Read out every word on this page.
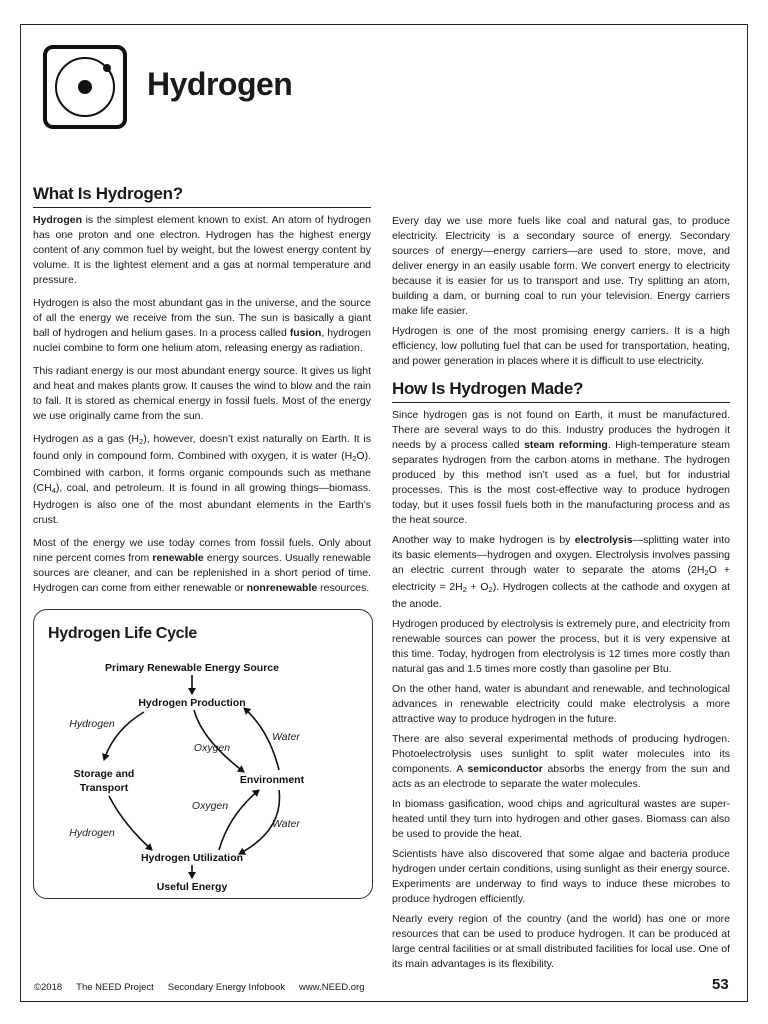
Hydrogen
What Is Hydrogen?

Hydrogen is the simplest element known to exist. An atom of hydrogen has one proton and one electron. Hydrogen has the highest energy content of any common fuel by weight, but the lowest energy content by volume. It is the lightest element and a gas at normal temperature and pressure.

Hydrogen is also the most abundant gas in the universe, and the source of all the energy we receive from the sun. The sun is basically a giant ball of hydrogen and helium gases. In a process called fusion, hydrogen nuclei combine to form one helium atom, releasing energy as radiation.

This radiant energy is our most abundant energy source. It gives us light and heat and makes plants grow. It causes the wind to blow and the rain to fall. It is stored as chemical energy in fossil fuels. Most of the energy we use originally came from the sun.

Hydrogen as a gas $(H_2)$, however, doesn’t exist naturally on Earth. It is found only in compound form. Combined with oxygen, it is water $(H_2O)$. Combined with carbon, it forms organic compounds such as methane $(CH_4)$, coal, and petroleum. It is found in all growing things—biomass. Hydrogen is also one of the most abundant elements in the Earth’s crust.

Most of the energy we use today comes from fossil fuels. Only about nine percent comes from renewable energy sources. Usually renewable sources are cleaner, and can be replenished in a short period of time. Hydrogen can come from either renewable or nonrenewable resources.

Hydrogen Life Cycle
Primary Renewable Energy Source
Hydrogen Production
Storage and
Transport
Environment
Hydrogen Utilization
Useful Energy
Hydrogen
Hydrogen
Oxygen
Oxygen
Water
Water

Every day we use more fuels like coal and natural gas, to produce electricity. Electricity is a secondary source of energy. Secondary sources of energy—energy carriers—are used to store, move, and deliver energy in an easily usable form. We convert energy to electricity because it is easier for us to transport and use. Try splitting an atom, building a dam, or burning coal to run your television. Energy carriers make life easier.

Hydrogen is one of the most promising energy carriers. It is a high efficiency, low polluting fuel that can be used for transportation, heating, and power generation in places where it is difficult to use electricity.

How Is Hydrogen Made?

Since hydrogen gas is not found on Earth, it must be manufactured. There are several ways to do this. Industry produces the hydrogen it needs by a process called steam reforming. High-temperature steam separates hydrogen from the carbon atoms in methane. The hydrogen produced by this method isn’t used as a fuel, but for industrial processes. This is the most cost-effective way to produce hydrogen today, but it uses fossil fuels both in the manufacturing process and as the heat source.

Another way to make hydrogen is by electrolysis—splitting water into its basic elements—hydrogen and oxygen. Electrolysis involves passing an electric current through water to separate the atoms ($2H_2O$ + electricity = $2H_2 + O_2$). Hydrogen collects at the cathode and oxygen at the anode.

Hydrogen produced by electrolysis is extremely pure, and electricity from renewable sources can power the process, but it is very expensive at this time. Today, hydrogen from electrolysis is 12 times more costly than natural gas and 1.5 times more costly than gasoline per Btu.

On the other hand, water is abundant and renewable, and technological advances in renewable electricity could make electrolysis a more attractive way to produce hydrogen in the future.

There are also several experimental methods of producing hydrogen. Photoelectrolysis uses sunlight to split water molecules into its components. A semiconductor absorbs the energy from the sun and acts as an electrode to separate the water molecules.

In biomass gasification, wood chips and agricultural wastes are super-heated until they turn into hydrogen and other gases. Biomass can also be used to provide the heat.

Scientists have also discovered that some algae and bacteria produce hydrogen under certain conditions, using sunlight as their energy source. Experiments are underway to find ways to induce these microbes to produce hydrogen efficiently.

Nearly every region of the country (and the world) has one or more resources that can be used to produce hydrogen. It can be produced at large central facilities or at small distributed facilities for local use. One of its main advantages is its flexibility.

©2018 The NEED Project Secondary Energy Infobook www.NEED.org	53
